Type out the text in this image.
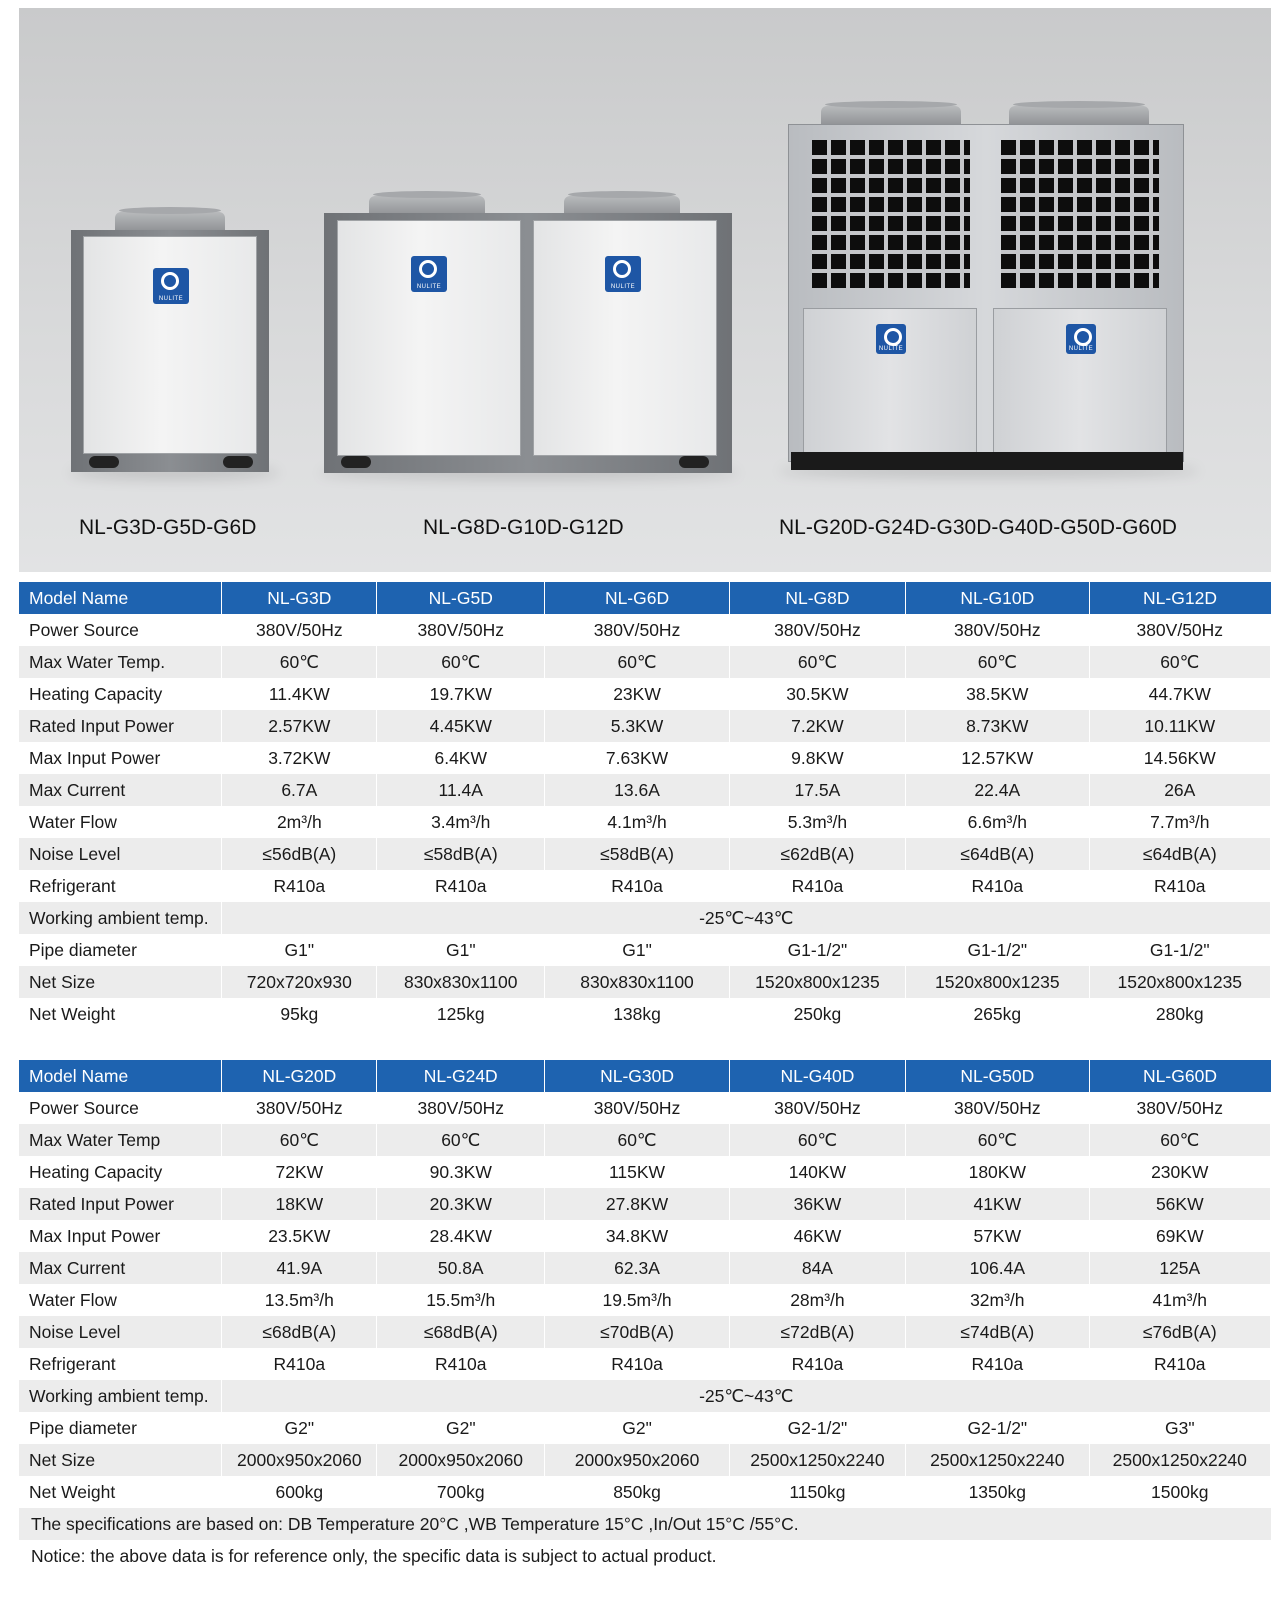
NULITE
NULITE	NULITE
NULITE	NULITE
NL-G3D-G5D-G6D	NL-G8D-G10D-G12D	NL-G20D-G24D-G30D-G40D-G50D-G60D
Model Name	NL-G3D	NL-G5D	NL-G6D	NL-G8D	NL-G10D	NL-G12D
Power Source	380V/50Hz	380V/50Hz	380V/50Hz	380V/50Hz	380V/50Hz	380V/50Hz
Max Water Temp.	60℃	60℃	60℃	60℃	60℃	60℃
Heating Capacity	11.4KW	19.7KW	23KW	30.5KW	38.5KW	44.7KW
Rated Input Power	2.57KW	4.45KW	5.3KW	7.2KW	8.73KW	10.11KW
Max Input Power	3.72KW	6.4KW	7.63KW	9.8KW	12.57KW	14.56KW
Max Current	6.7A	11.4A	13.6A	17.5A	22.4A	26A
Water Flow	2m³/h	3.4m³/h	4.1m³/h	5.3m³/h	6.6m³/h	7.7m³/h
Noise Level	≤56dB(A)	≤58dB(A)	≤58dB(A)	≤62dB(A)	≤64dB(A)	≤64dB(A)
Refrigerant	R410a	R410a	R410a	R410a	R410a	R410a
Working ambient temp.	-25℃~43℃					
Pipe diameter	G1"	G1"	G1"	G1-1/2"	G1-1/2"	G1-1/2"
Net Size	720x720x930	830x830x1100	830x830x1100	1520x800x1235	1520x800x1235	1520x800x1235
Net Weight	95kg	125kg	138kg	250kg	265kg	280kg
Model Name	NL-G20D	NL-G24D	NL-G30D	NL-G40D	NL-G50D	NL-G60D
Power Source	380V/50Hz	380V/50Hz	380V/50Hz	380V/50Hz	380V/50Hz	380V/50Hz
Max Water Temp	60℃	60℃	60℃	60℃	60℃	60℃
Heating Capacity	72KW	90.3KW	115KW	140KW	180KW	230KW
Rated Input Power	18KW	20.3KW	27.8KW	36KW	41KW	56KW
Max Input Power	23.5KW	28.4KW	34.8KW	46KW	57KW	69KW
Max Current	41.9A	50.8A	62.3A	84A	106.4A	125A
Water Flow	13.5m³/h	15.5m³/h	19.5m³/h	28m³/h	32m³/h	41m³/h
Noise Level	≤68dB(A)	≤68dB(A)	≤70dB(A)	≤72dB(A)	≤74dB(A)	≤76dB(A)
Refrigerant	R410a	R410a	R410a	R410a	R410a	R410a
Working ambient temp.	-25℃~43℃					
Pipe diameter	G2"	G2"	G2"	G2-1/2"	G2-1/2"	G3"
Net Size	2000x950x2060	2000x950x2060	2000x950x2060	2500x1250x2240	2500x1250x2240	2500x1250x2240
Net Weight	600kg	700kg	850kg	1150kg	1350kg	1500kg
The specifications are based on: DB Temperature 20°C ,WB Temperature 15°C ,In/Out 15°C /55°C.
Notice: the above data is for reference only, the specific data is subject to actual product.
